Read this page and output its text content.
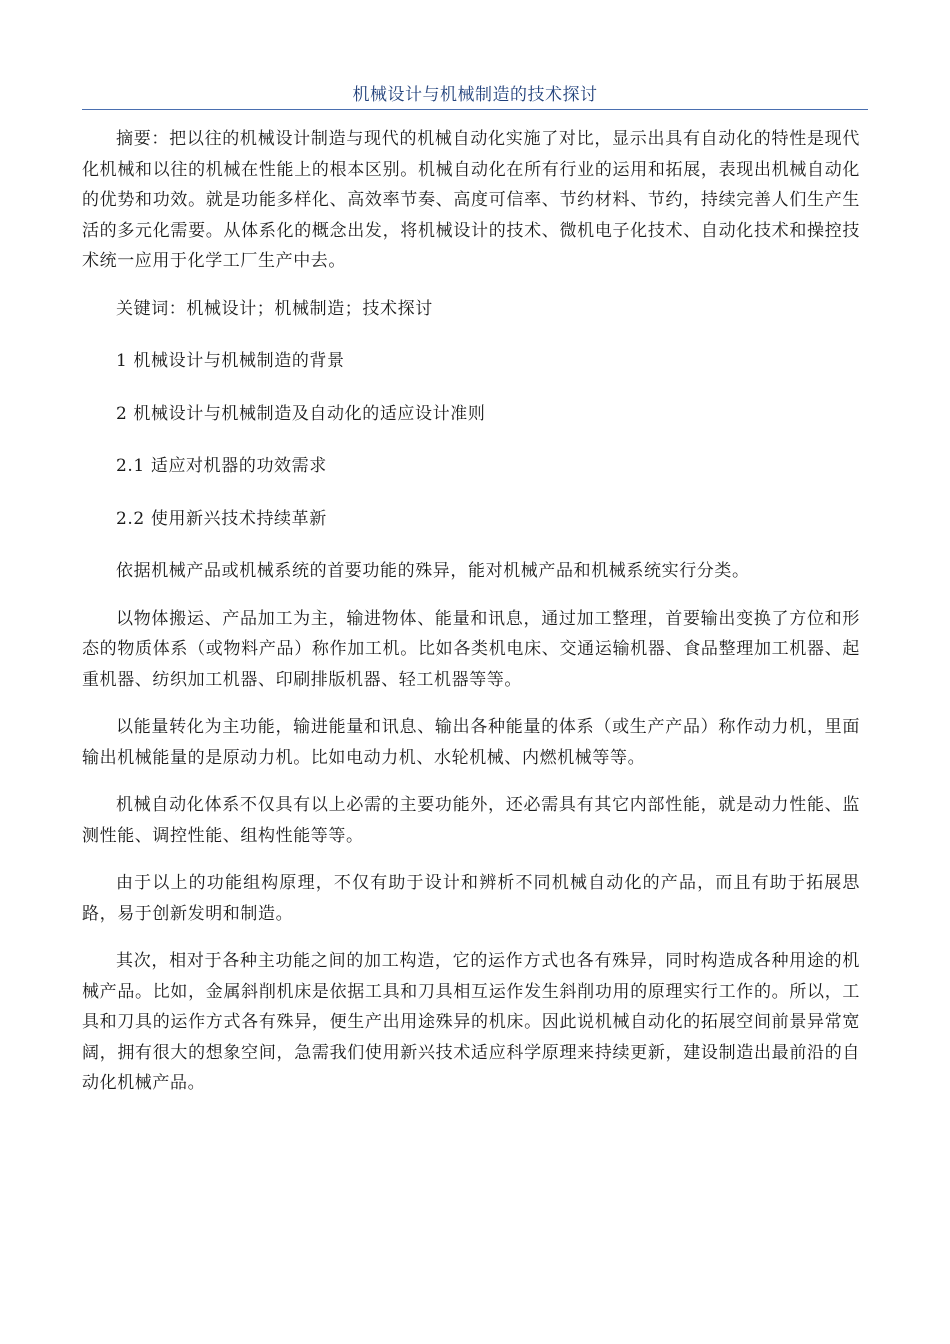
机械设计与机械制造的技术探讨

摘要：把以往的机械设计制造与现代的机械自动化实施了对比，显示出具有自动化的特性是现代化机械和以往的机械在性能上的根本区别。机械自动化在所有行业的运用和拓展，表现出机械自动化的优势和功效。就是功能多样化、高效率节奏、高度可信率、节约材料、节约，持续完善人们生产生活的多元化需要。从体系化的概念出发，将机械设计的技术、微机电子化技术、自动化技术和操控技术统一应用于化学工厂生产中去。

关键词：机械设计；机械制造；技术探讨

1 机械设计与机械制造的背景

2 机械设计与机械制造及自动化的适应设计准则

2.1 适应对机器的功效需求

2.2 使用新兴技术持续革新

依据机械产品或机械系统的首要功能的殊异，能对机械产品和机械系统实行分类。

以物体搬运、产品加工为主，输进物体、能量和讯息，通过加工整理，首要输出变换了方位和形态的物质体系（或物料产品）称作加工机。比如各类机电床、交通运输机器、食品整理加工机器、起重机器、纺织加工机器、印刷排版机器、轻工机器等等。

以能量转化为主功能，输进能量和讯息、输出各种能量的体系（或生产产品）称作动力机，里面输出机械能量的是原动力机。比如电动力机、水轮机械、内燃机械等等。

机械自动化体系不仅具有以上必需的主要功能外，还必需具有其它内部性能，就是动力性能、监测性能、调控性能、组构性能等等。

由于以上的功能组构原理，不仅有助于设计和辨析不同机械自动化的产品，而且有助于拓展思路，易于创新发明和制造。

其次，相对于各种主功能之间的加工构造，它的运作方式也各有殊异，同时构造成各种用途的机械产品。比如，金属斜削机床是依据工具和刀具相互运作发生斜削功用的原理实行工作的。所以，工具和刀具的运作方式各有殊异，便生产出用途殊异的机床。因此说机械自动化的拓展空间前景异常宽阔，拥有很大的想象空间，急需我们使用新兴技术适应科学原理来持续更新，建设制造出最前沿的自动化机械产品。
